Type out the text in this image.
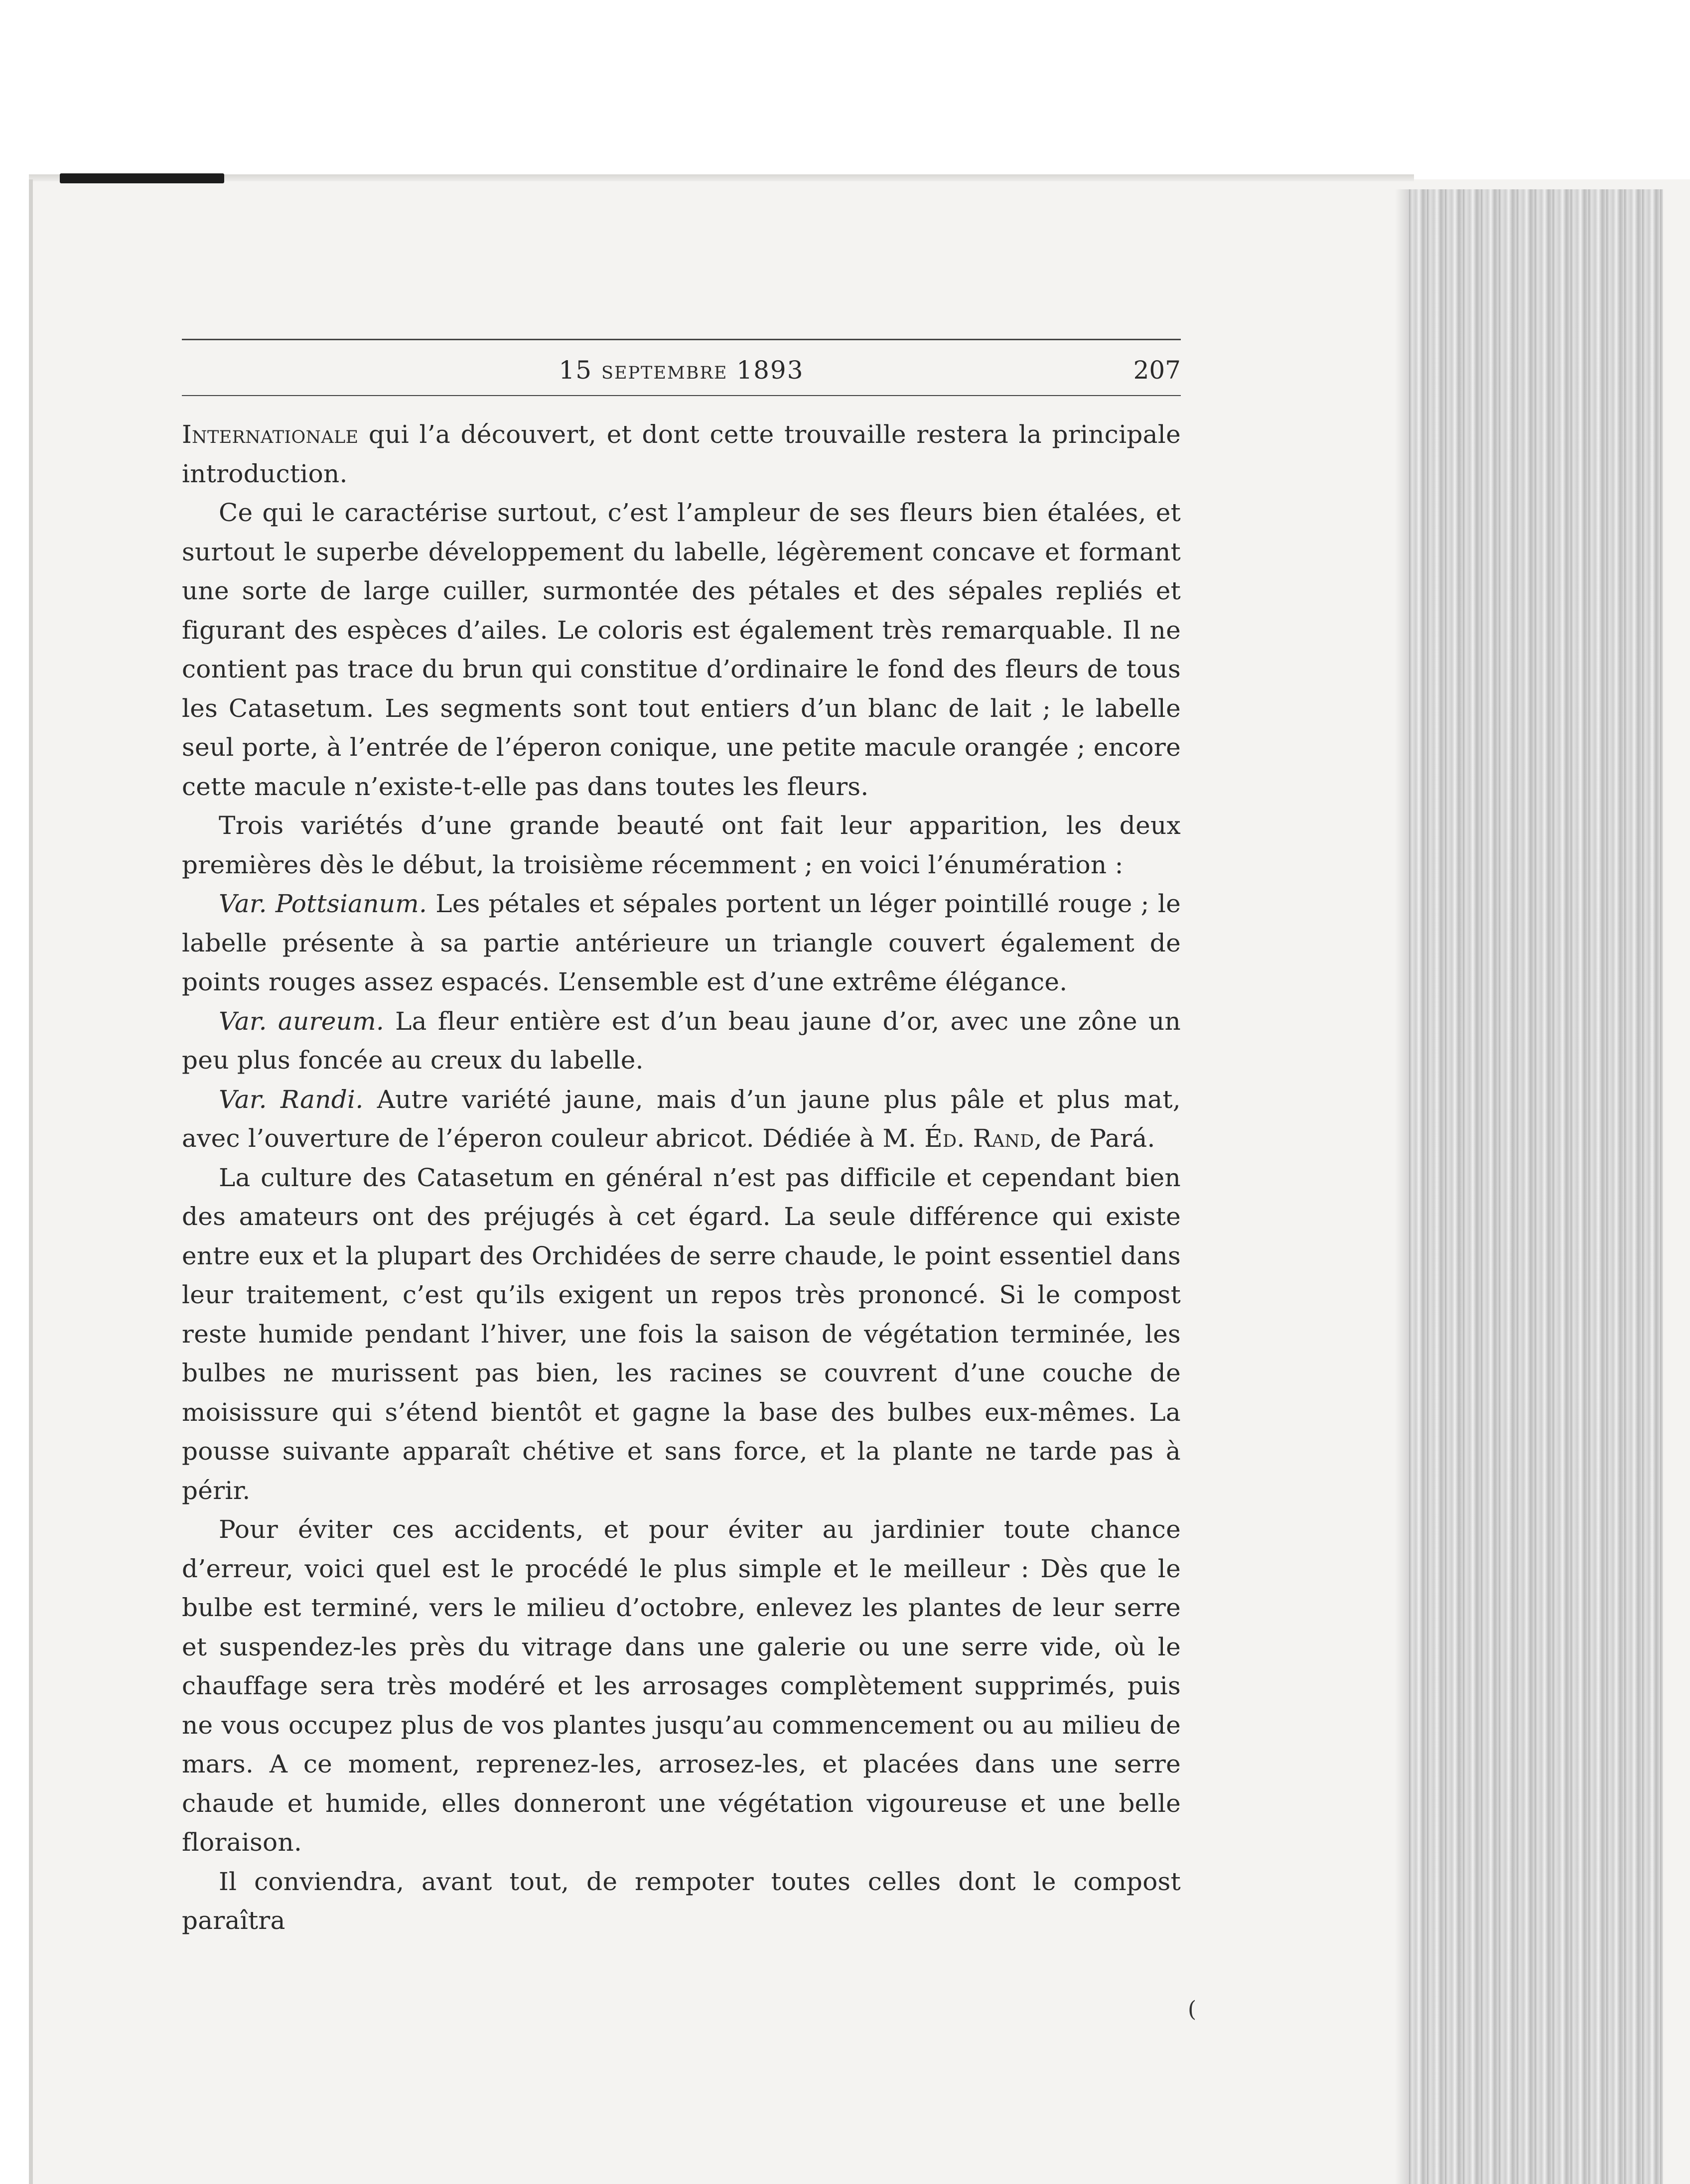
15 septembre 1893	207

Internationale qui l’a découvert, et dont cette trouvaille restera la principale introduction.

Ce qui le caractérise surtout, c’est l’ampleur de ses fleurs bien étalées, et surtout le superbe développement du labelle, légèrement concave et formant une sorte de large cuiller, surmontée des pétales et des sépales repliés et figurant des espèces d’ailes. Le coloris est également très remarquable. Il ne contient pas trace du brun qui constitue d’ordinaire le fond des fleurs de tous les Catasetum. Les segments sont tout entiers d’un blanc de lait ; le labelle seul porte, à l’entrée de l’éperon conique, une petite macule orangée ; encore cette macule n’existe-t-elle pas dans toutes les fleurs.

Trois variétés d’une grande beauté ont fait leur apparition, les deux premières dès le début, la troisième récemment ; en voici l’énumération :

Var. Pottsianum. Les pétales et sépales portent un léger pointillé rouge ; le labelle présente à sa partie antérieure un triangle couvert également de points rouges assez espacés. L’ensemble est d’une extrême élégance.

Var. aureum. La fleur entière est d’un beau jaune d’or, avec une zône un peu plus foncée au creux du labelle.

Var. Randi. Autre variété jaune, mais d’un jaune plus pâle et plus mat, avec l’ouverture de l’éperon couleur abricot. Dédiée à M. Éd. Rand, de Pará.

La culture des Catasetum en général n’est pas difficile et cependant bien des amateurs ont des préjugés à cet égard. La seule différence qui existe entre eux et la plupart des Orchidées de serre chaude, le point essentiel dans leur traitement, c’est qu’ils exigent un repos très prononcé. Si le compost reste humide pendant l’hiver, une fois la saison de végétation terminée, les bulbes ne murissent pas bien, les racines se couvrent d’une couche de moisissure qui s’étend bientôt et gagne la base des bulbes eux-mêmes. La pousse suivante apparaît chétive et sans force, et la plante ne tarde pas à périr.

Pour éviter ces accidents, et pour éviter au jardinier toute chance d’erreur, voici quel est le procédé le plus simple et le meilleur : Dès que le bulbe est terminé, vers le milieu d’octobre, enlevez les plantes de leur serre et suspendez-les près du vitrage dans une galerie ou une serre vide, où le chauffage sera très modéré et les arrosages complètement supprimés, puis ne vous occupez plus de vos plantes jusqu’au commencement ou au milieu de mars. A ce moment, reprenez-les, arrosez-les, et placées dans une serre chaude et humide, elles donneront une végétation vigoureuse et une belle floraison.

Il conviendra, avant tout, de rempoter toutes celles dont le compost paraîtra

(
